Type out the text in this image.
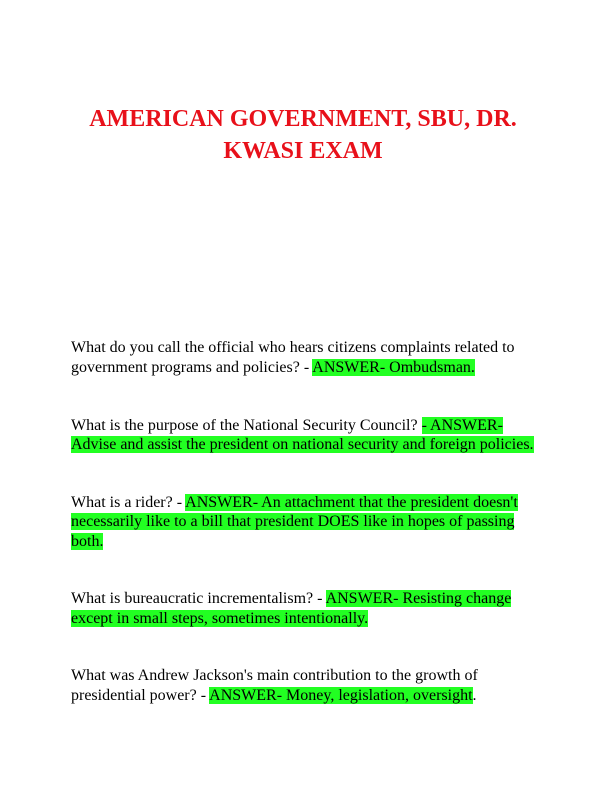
AMERICAN GOVERNMENT, SBU, DR.
KWASI EXAM

What do you call the official who hears citizens complaints related to government programs and policies? - ANSWER- Ombudsman.

What is the purpose of the National Security Council? - ANSWER- Advise and assist the president on national security and foreign policies.

What is a rider? - ANSWER- An attachment that the president doesn't necessarily like to a bill that president DOES like in hopes of passing both.

What is bureaucratic incrementalism? - ANSWER- Resisting change except in small steps, sometimes intentionally.

What was Andrew Jackson's main contribution to the growth of presidential power? - ANSWER- Money, legislation, oversight.
